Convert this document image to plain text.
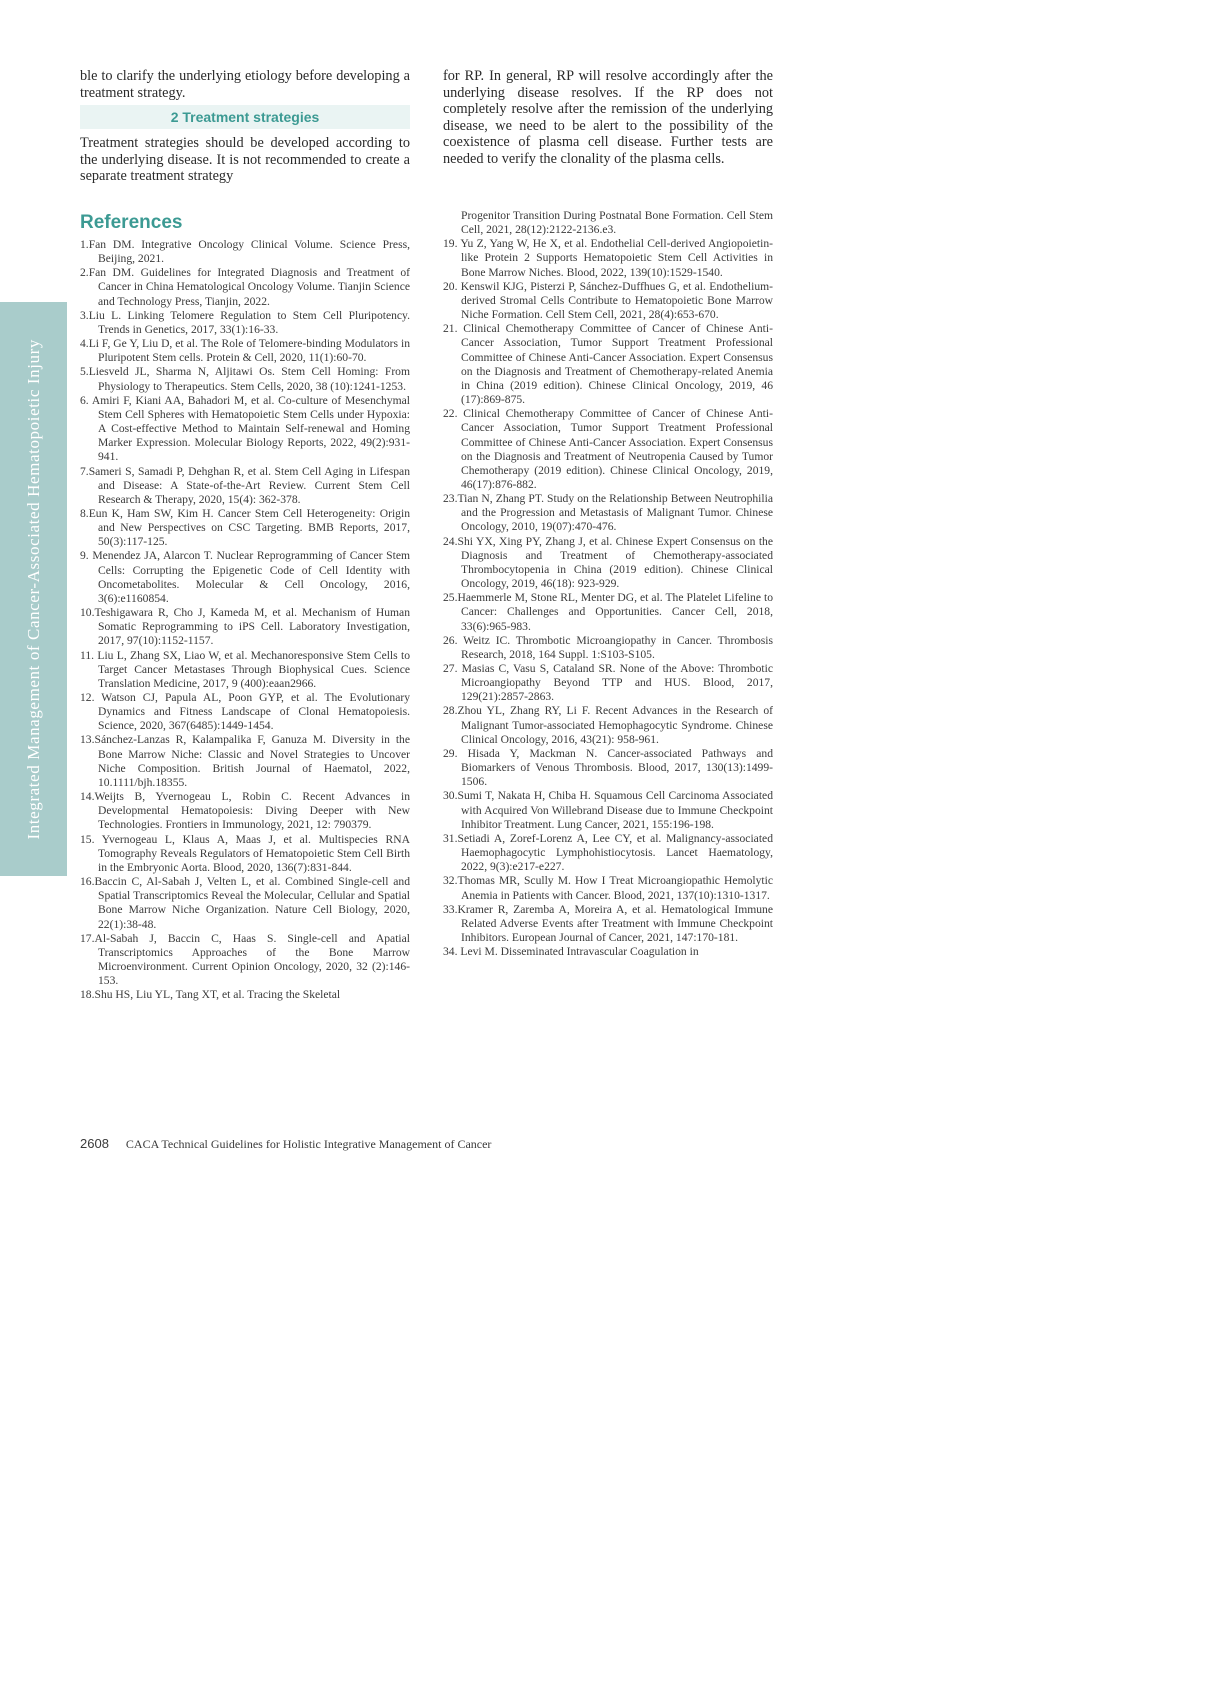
Integrated Management of Cancer-Associated Hematopoietic Injury

ble to clarify the underlying etiology before developing a treatment strategy.

2 Treatment strategies

Treatment strategies should be developed according to the underlying disease. It is not recommended to create a separate treatment strategy

for RP. In general, RP will resolve accordingly after the underlying disease resolves. If the RP does not completely resolve after the remission of the underlying disease, we need to be alert to the possibility of the coexistence of plasma cell disease. Further tests are needed to verify the clonality of the plasma cells.

References
1.Fan DM. Integrative Oncology Clinical Volume. Science Press, Beijing, 2021.
2.Fan DM. Guidelines for Integrated Diagnosis and Treatment of Cancer in China Hematological Oncology Volume. Tianjin Science and Technology Press, Tianjin, 2022.
3.Liu L. Linking Telomere Regulation to Stem Cell Pluripotency. Trends in Genetics, 2017, 33(1):16-33.
4.Li F, Ge Y, Liu D, et al. The Role of Telomere-binding Modulators in Pluripotent Stem cells. Protein & Cell, 2020, 11(1):60-70.
5.Liesveld JL, Sharma N, Aljitawi Os. Stem Cell Homing: From Physiology to Therapeutics. Stem Cells, 2020, 38 (10):1241-1253.
6. Amiri F, Kiani AA, Bahadori M, et al. Co-culture of Mesenchymal Stem Cell Spheres with Hematopoietic Stem Cells under Hypoxia: A Cost-effective Method to Maintain Self-renewal and Homing Marker Expression. Molecular Biology Reports, 2022, 49(2):931-941.
7.Sameri S, Samadi P, Dehghan R, et al. Stem Cell Aging in Lifespan and Disease: A State-of-the-Art Review. Current Stem Cell Research & Therapy, 2020, 15(4): 362-378.
8.Eun K, Ham SW, Kim H. Cancer Stem Cell Heterogeneity: Origin and New Perspectives on CSC Targeting. BMB Reports, 2017, 50(3):117-125.
9. Menendez JA, Alarcon T. Nuclear Reprogramming of Cancer Stem Cells: Corrupting the Epigenetic Code of Cell Identity with Oncometabolites. Molecular & Cell Oncology, 2016, 3(6):e1160854.
10.Teshigawara R, Cho J, Kameda M, et al. Mechanism of Human Somatic Reprogramming to iPS Cell. Laboratory Investigation, 2017, 97(10):1152-1157.
11. Liu L, Zhang SX, Liao W, et al. Mechanoresponsive Stem Cells to Target Cancer Metastases Through Biophysical Cues. Science Translation Medicine, 2017, 9 (400):eaan2966.
12. Watson CJ, Papula AL, Poon GYP, et al. The Evolutionary Dynamics and Fitness Landscape of Clonal Hematopoiesis. Science, 2020, 367(6485):1449-1454.
13.Sánchez-Lanzas R, Kalampalika F, Ganuza M. Diversity in the Bone Marrow Niche: Classic and Novel Strategies to Uncover Niche Composition. British Journal of Haematol, 2022, 10.1111/bjh.18355.
14.Weijts B, Yvernogeau L, Robin C. Recent Advances in Developmental Hematopoiesis: Diving Deeper with New Technologies. Frontiers in Immunology, 2021, 12: 790379.
15. Yvernogeau L, Klaus A, Maas J, et al. Multispecies RNA Tomography Reveals Regulators of Hematopoietic Stem Cell Birth in the Embryonic Aorta. Blood, 2020, 136(7):831-844.
16.Baccin C, Al-Sabah J, Velten L, et al. Combined Single-cell and Spatial Transcriptomics Reveal the Molecular, Cellular and Spatial Bone Marrow Niche Organization. Nature Cell Biology, 2020, 22(1):38-48.
17.Al-Sabah J, Baccin C, Haas S. Single-cell and Apatial Transcriptomics Approaches of the Bone Marrow Microenvironment. Current Opinion Oncology, 2020, 32 (2):146-153.
18.Shu HS, Liu YL, Tang XT, et al. Tracing the Skeletal
Progenitor Transition During Postnatal Bone Formation. Cell Stem Cell, 2021, 28(12):2122-2136.e3.
19. Yu Z, Yang W, He X, et al. Endothelial Cell-derived Angiopoietin-like Protein 2 Supports Hematopoietic Stem Cell Activities in Bone Marrow Niches. Blood, 2022, 139(10):1529-1540.
20. Kenswil KJG, Pisterzi P, Sánchez-Duffhues G, et al. Endothelium-derived Stromal Cells Contribute to Hematopoietic Bone Marrow Niche Formation. Cell Stem Cell, 2021, 28(4):653-670.
21. Clinical Chemotherapy Committee of Cancer of Chinese Anti-Cancer Association, Tumor Support Treatment Professional Committee of Chinese Anti-Cancer Association. Expert Consensus on the Diagnosis and Treatment of Chemotherapy-related Anemia in China (2019 edition). Chinese Clinical Oncology, 2019, 46 (17):869-875.
22. Clinical Chemotherapy Committee of Cancer of Chinese Anti-Cancer Association, Tumor Support Treatment Professional Committee of Chinese Anti-Cancer Association. Expert Consensus on the Diagnosis and Treatment of Neutropenia Caused by Tumor Chemotherapy (2019 edition). Chinese Clinical Oncology, 2019, 46(17):876-882.
23.Tian N, Zhang PT. Study on the Relationship Between Neutrophilia and the Progression and Metastasis of Malignant Tumor. Chinese Oncology, 2010, 19(07):470-476.
24.Shi YX, Xing PY, Zhang J, et al. Chinese Expert Consensus on the Diagnosis and Treatment of Chemotherapy-associated Thrombocytopenia in China (2019 edition). Chinese Clinical Oncology, 2019, 46(18): 923-929.
25.Haemmerle M, Stone RL, Menter DG, et al. The Platelet Lifeline to Cancer: Challenges and Opportunities. Cancer Cell, 2018, 33(6):965-983.
26. Weitz IC. Thrombotic Microangiopathy in Cancer. Thrombosis Research, 2018, 164 Suppl. 1:S103-S105.
27. Masias C, Vasu S, Cataland SR. None of the Above: Thrombotic Microangiopathy Beyond TTP and HUS. Blood, 2017, 129(21):2857-2863.
28.Zhou YL, Zhang RY, Li F. Recent Advances in the Research of Malignant Tumor-associated Hemophagocytic Syndrome. Chinese Clinical Oncology, 2016, 43(21): 958-961.
29. Hisada Y, Mackman N. Cancer-associated Pathways and Biomarkers of Venous Thrombosis. Blood, 2017, 130(13):1499-1506.
30.Sumi T, Nakata H, Chiba H. Squamous Cell Carcinoma Associated with Acquired Von Willebrand Disease due to Immune Checkpoint Inhibitor Treatment. Lung Cancer, 2021, 155:196-198.
31.Setiadi A, Zoref-Lorenz A, Lee CY, et al. Malignancy-associated Haemophagocytic Lymphohistiocytosis. Lancet Haematology, 2022, 9(3):e217-e227.
32.Thomas MR, Scully M. How I Treat Microangiopathic Hemolytic Anemia in Patients with Cancer. Blood, 2021, 137(10):1310-1317.
33.Kramer R, Zaremba A, Moreira A, et al. Hematological Immune Related Adverse Events after Treatment with Immune Checkpoint Inhibitors. European Journal of Cancer, 2021, 147:170-181.
34. Levi M. Disseminated Intravascular Coagulation in
2608 CACA Technical Guidelines for Holistic Integrative Management of Cancer
